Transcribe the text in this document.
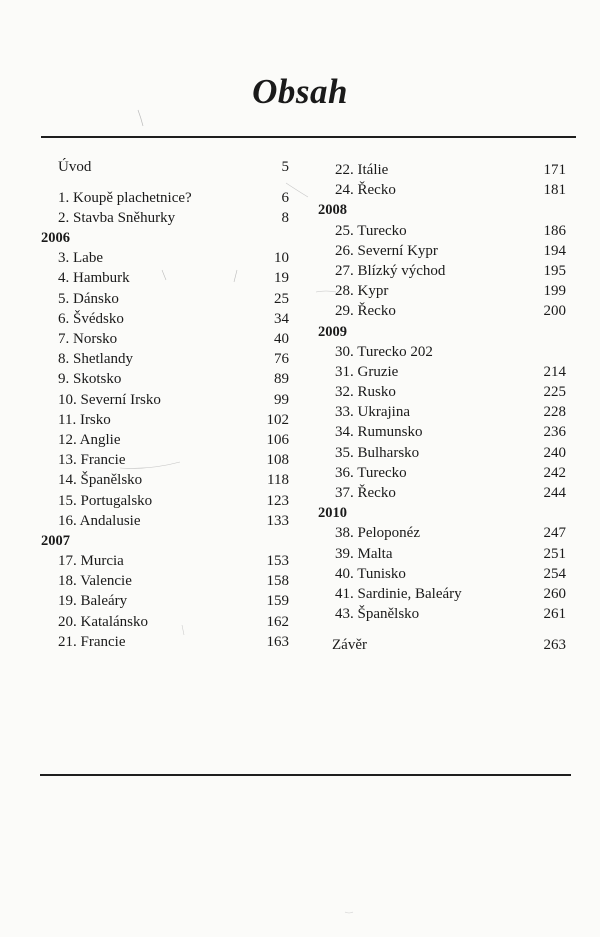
Obsah
Úvod	5
1. Koupě plachetnice?	6
2. Stavba Sněhurky	8
2006
3. Labe	10
4. Hamburk	19
5. Dánsko	25
6. Švédsko	34
7. Norsko	40
8. Shetlandy	76
9. Skotsko	89
10. Severní Irsko	99
11. Irsko	102
12. Anglie	106
13. Francie	108
14. Španělsko	118
15. Portugalsko	123
16. Andalusie	133
2007
17. Murcia	153
18. Valencie	158
19. Baleáry	159
20. Katalánsko	162
21. Francie	163
22. Itálie	171
24. Řecko	181
2008
25. Turecko	186
26. Severní Kypr	194
27. Blízký východ	195
28. Kypr	199
29. Řecko	200
2009
30. Turecko 202
31. Gruzie	214
32. Rusko	225
33. Ukrajina	228
34. Rumunsko	236
35. Bulharsko	240
36. Turecko	242
37. Řecko	244
2010
38. Peloponéz	247
39. Malta	251
40. Tunisko	254
41. Sardinie, Baleáry	260
43. Španělsko	261
Závěr	263
